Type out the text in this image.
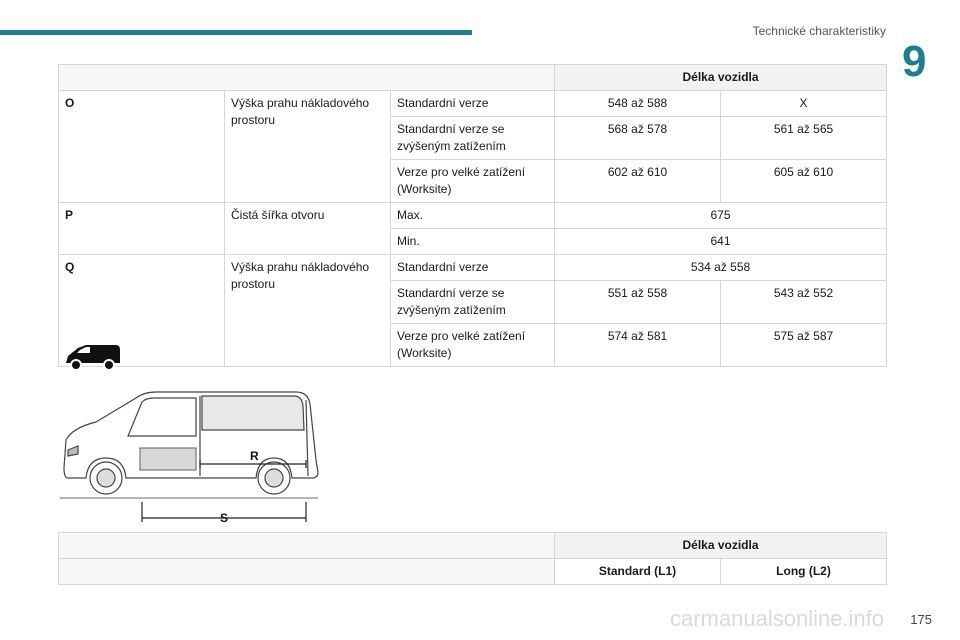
Technické charakteristiky
9
			Délka vozidla	
O	Výška prahu nákladového prostoru	Standardní verze	548 až 588	X
		Standardní verze se zvýšeným zatížením	568 až 578	561 až 565
		Verze pro velké zatížení (Worksite)	602 až 610	605 až 610
P	Čistá šířka otvoru	Max.	675	
		Min.	641	
Q	Výška prahu nákladového prostoru	Standardní verze	534 až 558	
		Standardní verze se zvýšeným zatížením	551 až 558	543 až 552
		Verze pro velké zatížení (Worksite)	574 až 581	575 až 587
R
S
	Délka vozidla	
	Standard (L1)	Long (L2)
carmanualsonline.info 175
